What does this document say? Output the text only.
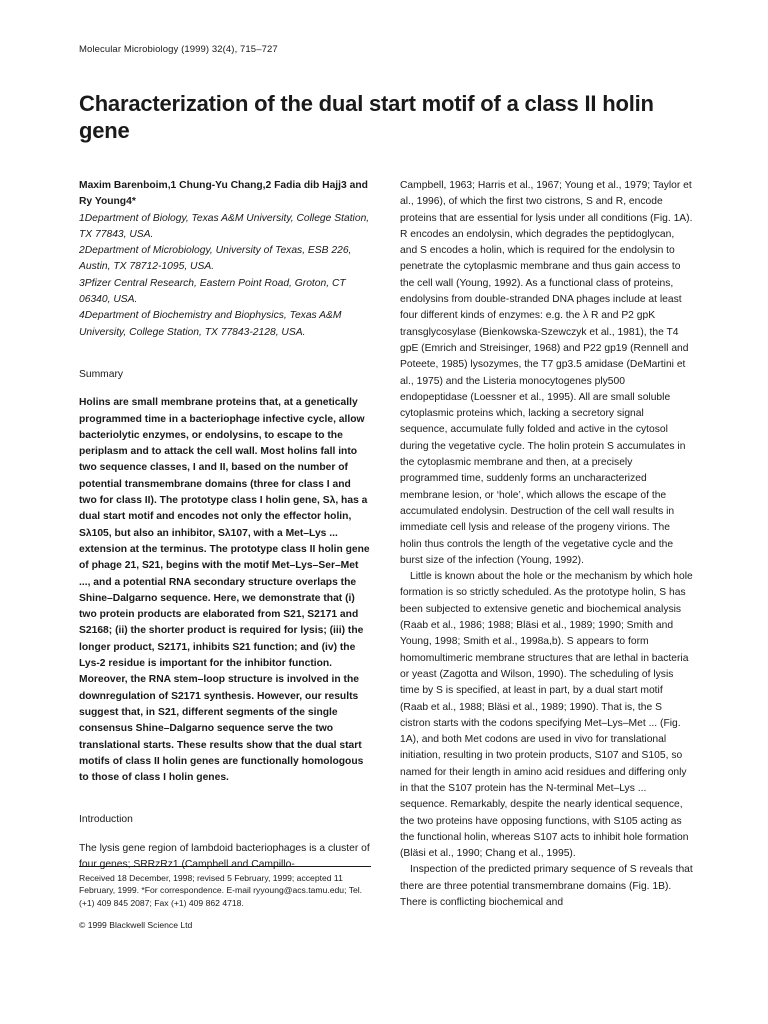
Molecular Microbiology (1999) 32(4), 715–727
Characterization of the dual start motif of a class II holin gene
Maxim Barenboim,1 Chung-Yu Chang,2 Fadia dib Hajj3 and Ry Young4*

1Department of Biology, Texas A&M University, College Station, TX 77843, USA.

2Department of Microbiology, University of Texas, ESB 226, Austin, TX 78712-1095, USA.

3Pfizer Central Research, Eastern Point Road, Groton, CT 06340, USA.

4Department of Biochemistry and Biophysics, Texas A&M University, College Station, TX 77843-2128, USA.

Summary

Holins are small membrane proteins that, at a genetically programmed time in a bacteriophage infective cycle, allow bacteriolytic enzymes, or endolysins, to escape to the periplasm and to attack the cell wall. Most holins fall into two sequence classes, I and II, based on the number of potential transmembrane domains (three for class I and two for class II). The prototype class I holin gene, Sλ, has a dual start motif and encodes not only the effector holin, Sλ105, but also an inhibitor, Sλ107, with a Met–Lys ... extension at the terminus. The prototype class II holin gene of phage 21, S21, begins with the motif Met–Lys–Ser–Met ..., and a potential RNA secondary structure overlaps the Shine–Dalgarno sequence. Here, we demonstrate that (i) two protein products are elaborated from S21, S2171 and S2168; (ii) the shorter product is required for lysis; (iii) the longer product, S2171, inhibits S21 function; and (iv) the Lys-2 residue is important for the inhibitor function. Moreover, the RNA stem–loop structure is involved in the downregulation of S2171 synthesis. However, our results suggest that, in S21, different segments of the single consensus Shine–Dalgarno sequence serve the two translational starts. These results show that the dual start motifs of class II holin genes are functionally homologous to those of class I holin genes.

Introduction

The lysis gene region of lambdoid bacteriophages is a cluster of four genes; SRRzRz1 (Campbell and Campillo-

Received 18 December, 1998; revised 5 February, 1999; accepted 11 February, 1999. *For correspondence. E-mail ryyoung@acs.tamu.edu; Tel. (+1) 409 845 2087; Fax (+1) 409 862 4718.

© 1999 Blackwell Science Ltd

Campbell, 1963; Harris et al., 1967; Young et al., 1979; Taylor et al., 1996), of which the first two cistrons, S and R, encode proteins that are essential for lysis under all conditions (Fig. 1A). R encodes an endolysin, which degrades the peptidoglycan, and S encodes a holin, which is required for the endolysin to penetrate the cytoplasmic membrane and thus gain access to the cell wall (Young, 1992). As a functional class of proteins, endolysins from double-stranded DNA phages include at least four different kinds of enzymes: e.g. the λ R and P2 gpK transglycosylase (Bienkowska-Szewczyk et al., 1981), the T4 gpE (Emrich and Streisinger, 1968) and P22 gp19 (Rennell and Poteete, 1985) lysozymes, the T7 gp3.5 amidase (DeMartini et al., 1975) and the Listeria monocytogenes ply500 endopeptidase (Loessner et al., 1995). All are small soluble cytoplasmic proteins which, lacking a secretory signal sequence, accumulate fully folded and active in the cytosol during the vegetative cycle. The holin protein S accumulates in the cytoplasmic membrane and then, at a precisely programmed time, suddenly forms an uncharacterized membrane lesion, or ‘hole’, which allows the escape of the accumulated endolysin. Destruction of the cell wall results in immediate cell lysis and release of the progeny virions. The holin thus controls the length of the vegetative cycle and the burst size of the infection (Young, 1992).

Little is known about the hole or the mechanism by which hole formation is so strictly scheduled. As the prototype holin, S has been subjected to extensive genetic and biochemical analysis (Raab et al., 1986; 1988; Bläsi et al., 1989; 1990; Smith and Young, 1998; Smith et al., 1998a,b). S appears to form homomultimeric membrane structures that are lethal in bacteria or yeast (Zagotta and Wilson, 1990). The scheduling of lysis time by S is specified, at least in part, by a dual start motif (Raab et al., 1988; Bläsi et al., 1989; 1990). That is, the S cistron starts with the codons specifying Met–Lys–Met ... (Fig. 1A), and both Met codons are used in vivo for translational initiation, resulting in two protein products, S107 and S105, so named for their length in amino acid residues and differing only in that the S107 protein has the N-terminal Met–Lys ... sequence. Remarkably, despite the nearly identical sequence, the two proteins have opposing functions, with S105 acting as the functional holin, whereas S107 acts to inhibit hole formation (Bläsi et al., 1990; Chang et al., 1995).

Inspection of the predicted primary sequence of S reveals that there are three potential transmembrane domains (Fig. 1B). There is conflicting biochemical and
